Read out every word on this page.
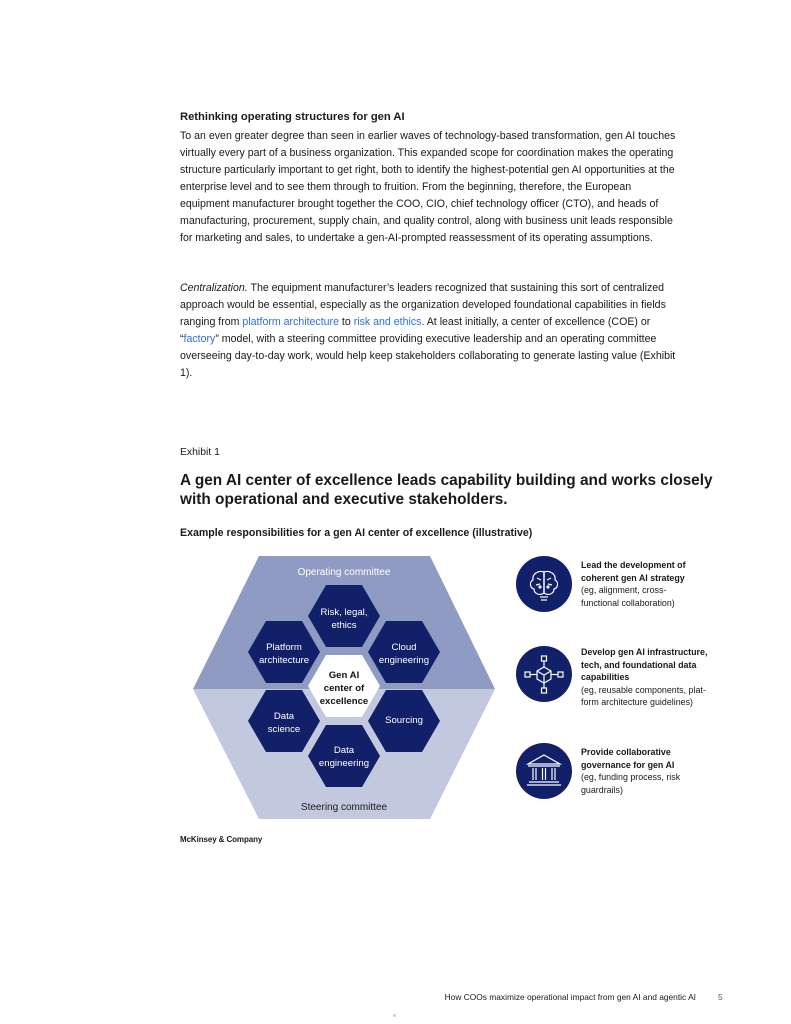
Rethinking operating structures for gen AI

To an even greater degree than seen in earlier waves of technology-based transformation, gen AI touches virtually every part of a business organization. This expanded scope for coordination makes the operating structure particularly important to get right, both to identify the highest-potential gen AI opportunities at the enterprise level and to see them through to fruition. From the beginning, therefore, the European equipment manufacturer brought together the COO, CIO, chief technology officer (CTO), and heads of manufacturing, procurement, supply chain, and quality control, along with business unit leads responsible for marketing and sales, to undertake a gen-AI-prompted reassessment of its operating assumptions.

Centralization. The equipment manufacturer’s leaders recognized that sustaining this sort of centralized approach would be essential, especially as the organization developed foundational capabilities in fields ranging from platform architecture to risk and ethics. At least initially, a center of excellence (COE) or “factory” model, with a steering committee providing executive leadership and an operating committee overseeing day-to-day work, would help keep stakeholders collaborating to generate lasting value (Exhibit 1).

Exhibit 1
A gen AI center of excellence leads capability building and works closely with operational and executive stakeholders.
Example responsibilities for a gen AI center of excellence (illustrative)
Operating committee
Steering committee
Risk, legal,
ethics
Platform
architecture
Cloud
engineering
Data
science
Sourcing
Data
engineering
Gen AI
center of
excellence
Lead the development of
coherent gen AI strategy
(eg, alignment, cross-
functional collaboration)
Develop gen AI infrastructure,
tech, and foundational data
capabilities
(eg, reusable components, plat-
form architecture guidelines)
Provide collaborative
governance for gen AI
(eg, funding process, risk
guardrails)
McKinsey & Company
How COOs maximize operational impact from gen AI and agentic AI	5
